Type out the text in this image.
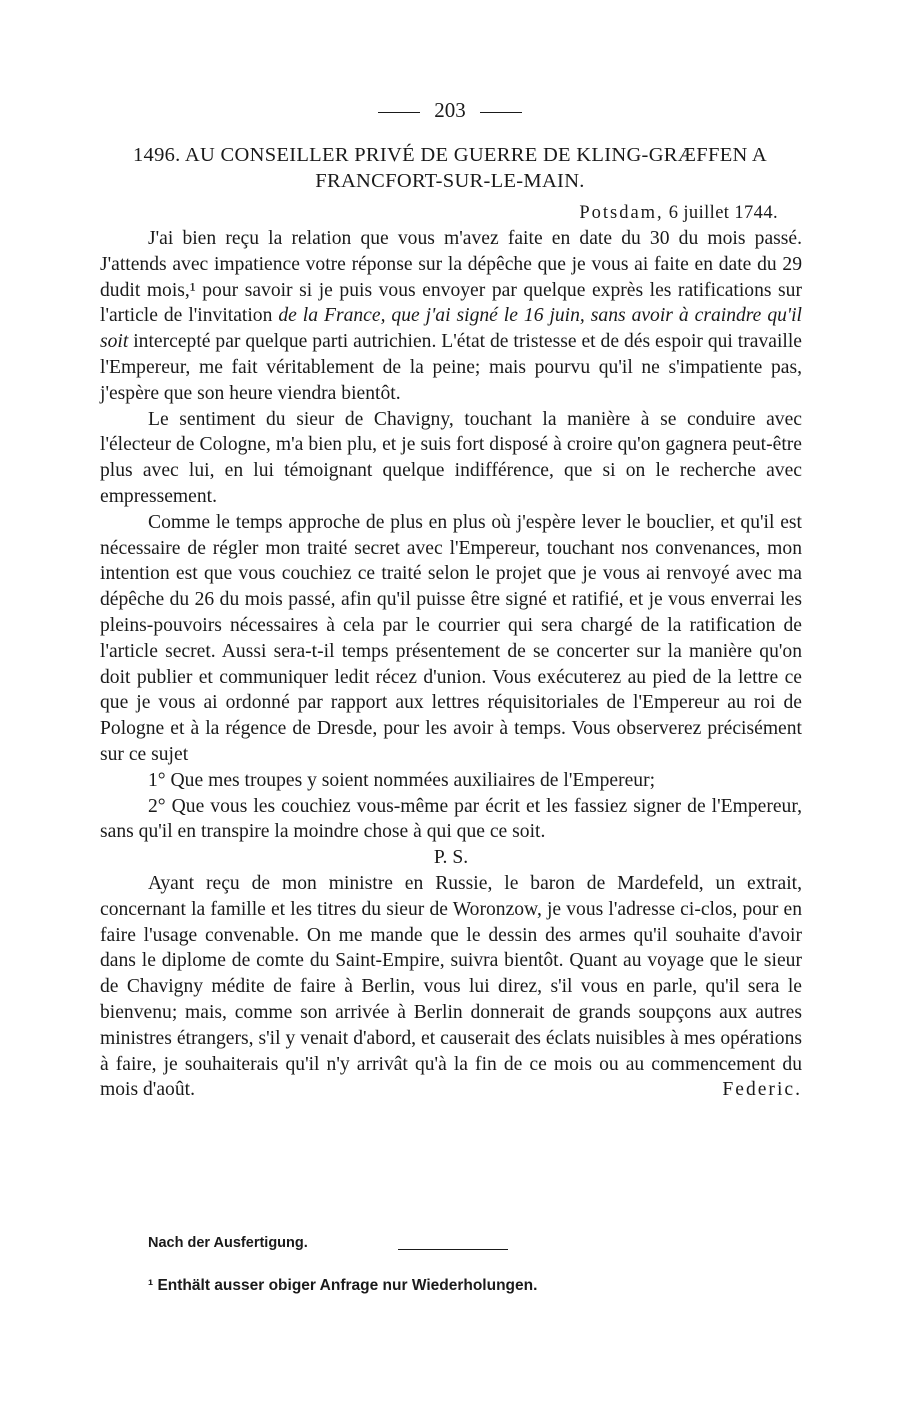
203
1496. AU CONSEILLER PRIVÉ DE GUERRE DE KLING-GRÆFFEN A FRANCFORT-SUR-LE-MAIN.
Potsdam, 6 juillet 1744.

J'ai bien reçu la relation que vous m'avez faite en date du 30 du mois passé. J'attends avec impatience votre réponse sur la dépêche que je vous ai faite en date du 29 dudit mois,¹ pour savoir si je puis vous envoyer par quelque exprès les ratifications sur l'article de l'invitation de la France, que j'ai signé le 16 juin, sans avoir à craindre qu'il soit intercepté par quelque parti autrichien. L'état de tristesse et de dés espoir qui travaille l'Empereur, me fait véritablement de la peine; mais pourvu qu'il ne s'impatiente pas, j'espère que son heure viendra bientôt.

Le sentiment du sieur de Chavigny, touchant la manière à se conduire avec l'électeur de Cologne, m'a bien plu, et je suis fort disposé à croire qu'on gagnera peut-être plus avec lui, en lui témoignant quelque indifférence, que si on le recherche avec empressement.

Comme le temps approche de plus en plus où j'espère lever le bouclier, et qu'il est nécessaire de régler mon traité secret avec l'Empereur, touchant nos convenances, mon intention est que vous couchiez ce traité selon le projet que je vous ai renvoyé avec ma dépêche du 26 du mois passé, afin qu'il puisse être signé et ratifié, et je vous enverrai les pleins-pouvoirs nécessaires à cela par le courrier qui sera chargé de la ratification de l'article secret. Aussi sera-t-il temps présentement de se concerter sur la manière qu'on doit publier et communiquer ledit récez d'union. Vous exécuterez au pied de la lettre ce que je vous ai ordonné par rapport aux lettres réquisitoriales de l'Empereur au roi de Pologne et à la régence de Dresde, pour les avoir à temps. Vous observerez précisément sur ce sujet

1° Que mes troupes y soient nommées auxiliaires de l'Empereur;

2° Que vous les couchiez vous-même par écrit et les fassiez signer de l'Empereur, sans qu'il en transpire la moindre chose à qui que ce soit.

P. S.

Ayant reçu de mon ministre en Russie, le baron de Mardefeld, un extrait, concernant la famille et les titres du sieur de Woronzow, je vous l'adresse ci-clos, pour en faire l'usage convenable. On me mande que le dessin des armes qu'il souhaite d'avoir dans le diplome de comte du Saint-Empire, suivra bientôt. Quant au voyage que le sieur de Chavigny médite de faire à Berlin, vous lui direz, s'il vous en parle, qu'il sera le bienvenu; mais, comme son arrivée à Berlin donnerait de grands soupçons aux autres ministres étrangers, s'il y venait d'abord, et causerait des éclats nuisibles à mes opérations à faire, je souhaiterais qu'il n'y arrivât qu'à la fin de ce mois ou au commencement du mois d'août.	Federic.

Nach der Ausfertigung.
¹ Enthält ausser obiger Anfrage nur Wiederholungen.
